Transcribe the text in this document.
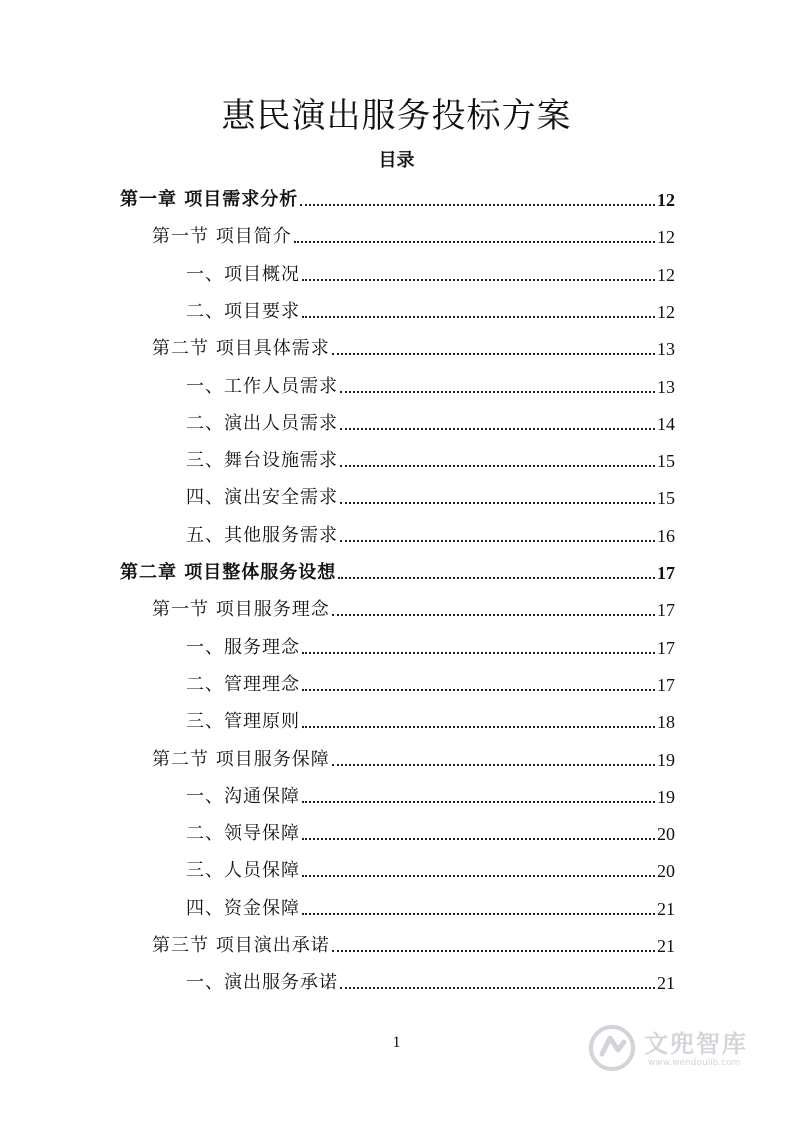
惠民演出服务投标方案
目录
第一章 项目需求分析	12
第一节 项目简介	12
一、项目概况	12
二、项目要求	12
第二节 项目具体需求	13
一、工作人员需求	13
二、演出人员需求	14
三、舞台设施需求	15
四、演出安全需求	15
五、其他服务需求	16
第二章 项目整体服务设想	17
第一节 项目服务理念	17
一、服务理念	17
二、管理理念	17
三、管理原则	18
第二节 项目服务保障	19
一、沟通保障	19
二、领导保障	20
三、人员保障	20
四、资金保障	21
第三节 项目演出承诺	21
一、演出服务承诺	21
1	文兜智库
www.wendoulib.com
